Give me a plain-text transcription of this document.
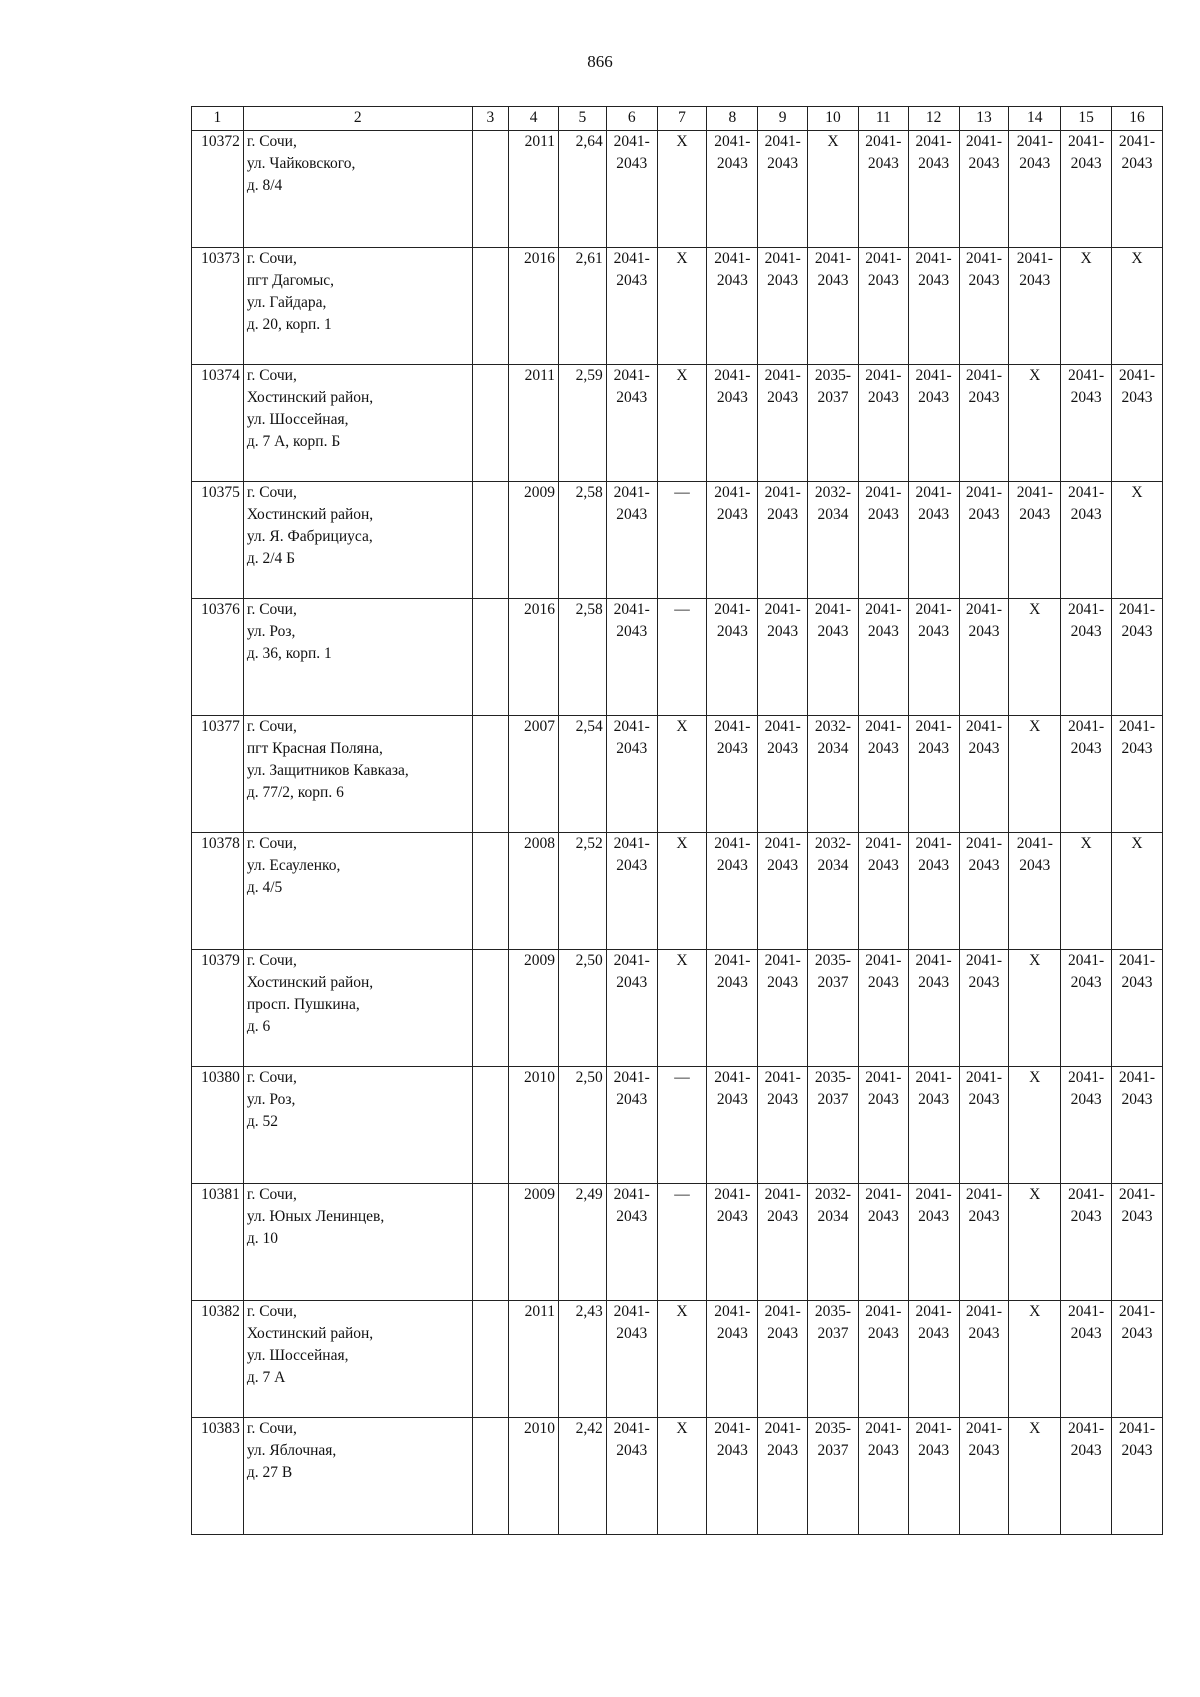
866
1	2	3	4	5	6	7	8	9	10	11	12	13	14	15	16
10372	г. Сочи,
ул. Чайковского,
д. 8/4		2011	2,64	2041-
2043	X	2041-
2043	2041-
2043	X	2041-
2043	2041-
2043	2041-
2043	2041-
2043	2041-
2043	2041-
2043

10373	г. Сочи,
пгт Дагомыс,
ул. Гайдара,
д. 20, корп. 1		2016	2,61	2041-
2043	X	2041-
2043	2041-
2043	2041-
2043	2041-
2043	2041-
2043	2041-
2043	2041-
2043	X	X

10374	г. Сочи,
Хостинский район,
ул. Шоссейная,
д. 7 А, корп. Б		2011	2,59	2041-
2043	X	2041-
2043	2041-
2043	2035-
2037	2041-
2043	2041-
2043	2041-
2043	X	2041-
2043	2041-
2043

10375	г. Сочи,
Хостинский район,
ул. Я. Фабрициуса,
д. 2/4 Б		2009	2,58	2041-
2043	—	2041-
2043	2041-
2043	2032-
2034	2041-
2043	2041-
2043	2041-
2043	2041-
2043	2041-
2043	X

10376	г. Сочи,
ул. Роз,
д. 36, корп. 1		2016	2,58	2041-
2043	—	2041-
2043	2041-
2043	2041-
2043	2041-
2043	2041-
2043	2041-
2043	X	2041-
2043	2041-
2043

10377	г. Сочи,
пгт Красная Поляна,
ул. Защитников Кавказа,
д. 77/2, корп. 6		2007	2,54	2041-
2043	X	2041-
2043	2041-
2043	2032-
2034	2041-
2043	2041-
2043	2041-
2043	X	2041-
2043	2041-
2043

10378	г. Сочи,
ул. Есауленко,
д. 4/5		2008	2,52	2041-
2043	X	2041-
2043	2041-
2043	2032-
2034	2041-
2043	2041-
2043	2041-
2043	2041-
2043	X	X

10379	г. Сочи,
Хостинский район,
просп. Пушкина,
д. 6		2009	2,50	2041-
2043	X	2041-
2043	2041-
2043	2035-
2037	2041-
2043	2041-
2043	2041-
2043	X	2041-
2043	2041-
2043

10380	г. Сочи,
ул. Роз,
д. 52		2010	2,50	2041-
2043	—	2041-
2043	2041-
2043	2035-
2037	2041-
2043	2041-
2043	2041-
2043	X	2041-
2043	2041-
2043

10381	г. Сочи,
ул. Юных Ленинцев,
д. 10		2009	2,49	2041-
2043	—	2041-
2043	2041-
2043	2032-
2034	2041-
2043	2041-
2043	2041-
2043	X	2041-
2043	2041-
2043

10382	г. Сочи,
Хостинский район,
ул. Шоссейная,
д. 7 А		2011	2,43	2041-
2043	X	2041-
2043	2041-
2043	2035-
2037	2041-
2043	2041-
2043	2041-
2043	X	2041-
2043	2041-
2043

10383	г. Сочи,
ул. Яблочная,
д. 27 В		2010	2,42	2041-
2043	X	2041-
2043	2041-
2043	2035-
2037	2041-
2043	2041-
2043	2041-
2043	X	2041-
2043	2041-
2043
